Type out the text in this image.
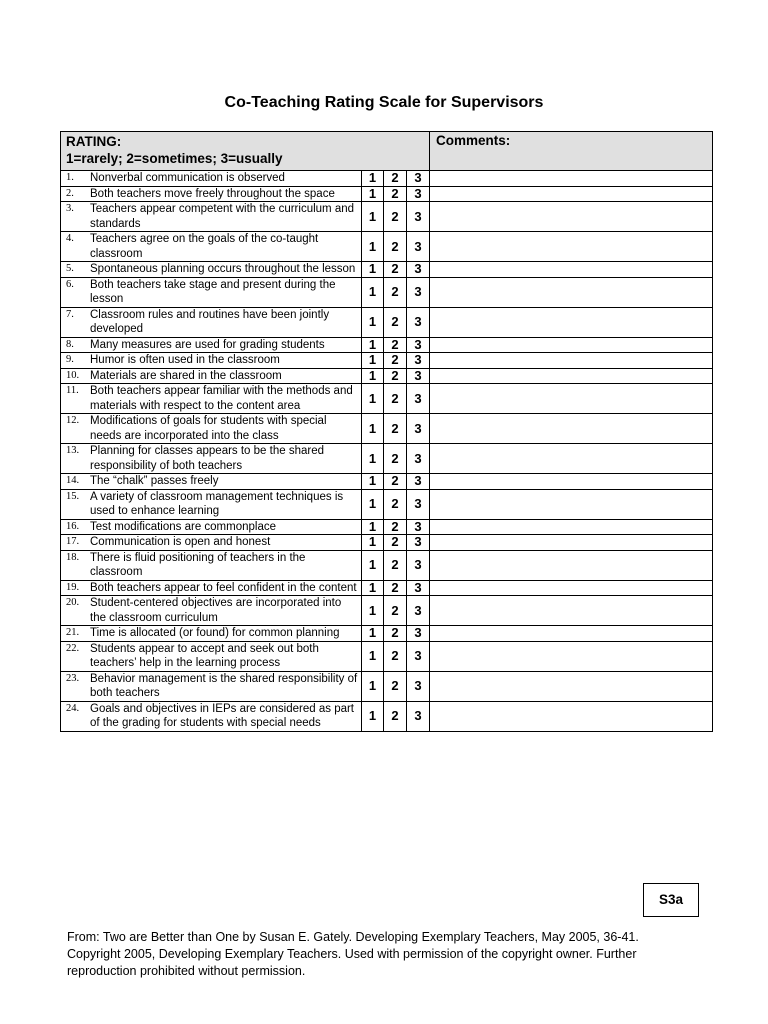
Co-Teaching Rating Scale for Supervisors
RATING:
1=rarely; 2=sometimes; 3=usually				Comments:

1. Nonverbal communication is observed	1	2	3	

2. Both teachers move freely throughout the space	1	2	3	

3. Teachers appear competent with the curriculum and standards	1	2	3	

4. Teachers agree on the goals of the co-taught classroom	1	2	3	

5. Spontaneous planning occurs throughout the lesson	1	2	3	

6. Both teachers take stage and present during the lesson	1	2	3	

7. Classroom rules and routines have been jointly developed	1	2	3	

8. Many measures are used for grading students	1	2	3	

9. Humor is often used in the classroom	1	2	3	

10. Materials are shared in the classroom	1	2	3	

11. Both teachers appear familiar with the methods and materials with respect to the content area	1	2	3	

12. Modifications of goals for students with special needs are incorporated into the class	1	2	3	

13. Planning for classes appears to be the shared responsibility of both teachers	1	2	3	

14. The “chalk” passes freely	1	2	3	

15. A variety of classroom management techniques is used to enhance learning	1	2	3	

16. Test modifications are commonplace	1	2	3	

17. Communication is open and honest	1	2	3	

18. There is fluid positioning of teachers in the classroom	1	2	3	

19. Both teachers appear to feel confident in the content	1	2	3	

20. Student-centered objectives are incorporated into the classroom curriculum	1	2	3	

21. Time is allocated (or found) for common planning	1	2	3	

22. Students appear to accept and seek out both teachers’ help in the learning process	1	2	3	

23. Behavior management is the shared responsibility of both teachers	1	2	3	

24. Goals and objectives in IEPs are considered as part of the grading for students with special needs	1	2	3	
S3a
From: Two are Better than One by Susan E. Gately. Developing Exemplary Teachers, May 2005, 36-41. Copyright 2005, Developing Exemplary Teachers. Used with permission of the copyright owner. Further reproduction prohibited without permission.
